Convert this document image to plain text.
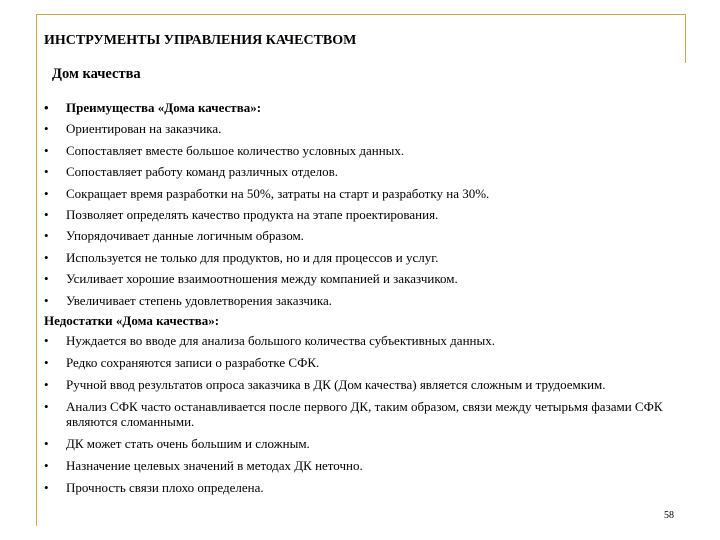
ИНСТРУМЕНТЫ УПРАВЛЕНИЯ КАЧЕСТВОМ
Дом качества
• Преимущества «Дома качества»:
• Ориентирован на заказчика.
• Сопоставляет вместе большое количество условных данных.
• Сопоставляет работу команд различных отделов.
• Сокращает время разработки на 50%, затраты на старт и разработку на 30%.
• Позволяет определять качество продукта на этапе проектирования.
• Упорядочивает данные логичным образом.
• Используется не только для продуктов, но и для процессов и услуг.
• Усиливает хорошие взаимоотношения между компанией и заказчиком.
• Увеличивает степень удовлетворения заказчика.
Недостатки «Дома качества»:
• Нуждается во вводе для анализа большого количества субъективных данных.
• Редко сохраняются записи о разработке СФК.
• Ручной ввод результатов опроса заказчика в ДК (Дом качества) является сложным и трудоемким.
• Анализ СФК часто останавливается после первого ДК, таким образом, связи между четырьмя фазами СФК являются сломанными.
• ДК может стать очень большим и сложным.
• Назначение целевых значений в методах ДК неточно.
• Прочность связи плохо определена.
58
